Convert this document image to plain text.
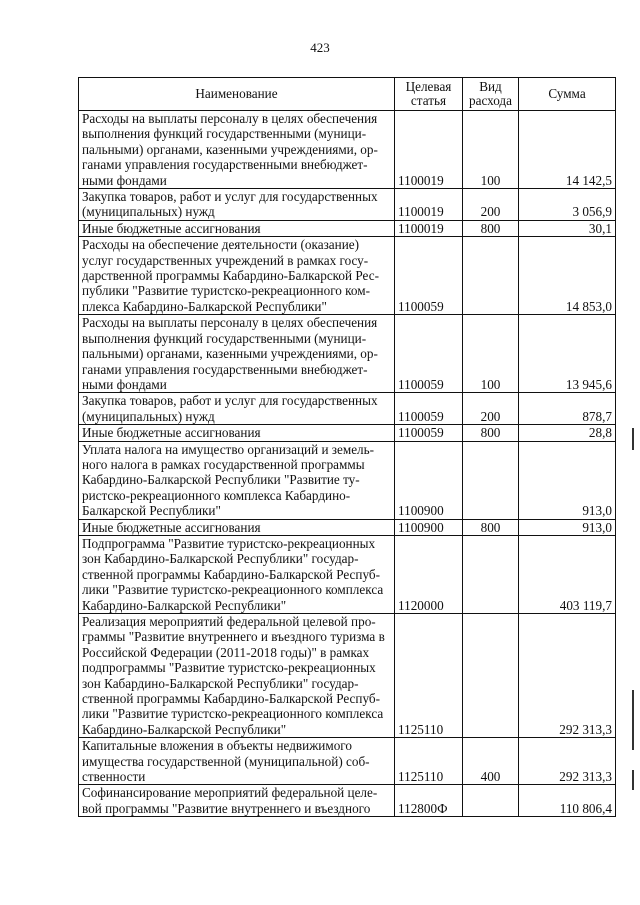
423
Наименование	Целевая статья	Вид расхода	Сумма
Расходы на выплаты персоналу в целях обеспечения выполнения функций государственными (муници-пальными) органами, казенными учреждениями, ор-ганами управления государственными внебюджет-ными фондами	1100019	100	14 142,5
Закупка товаров, работ и услуг для государственных (муниципальных) нужд	1100019	200	3 056,9
Иные бюджетные ассигнования	1100019	800	30,1
Расходы на обеспечение деятельности (оказание) услуг государственных учреждений в рамках госу-дарственной программы Кабардино-Балкарской Рес-публики "Развитие туристско-рекреационного ком-плекса Кабардино-Балкарской Республики"	1100059		14 853,0
Расходы на выплаты персоналу в целях обеспечения выполнения функций государственными (муници-пальными) органами, казенными учреждениями, ор-ганами управления государственными внебюджет-ными фондами	1100059	100	13 945,6
Закупка товаров, работ и услуг для государственных (муниципальных) нужд	1100059	200	878,7
Иные бюджетные ассигнования	1100059	800	28,8
Уплата налога на имущество организаций и земель-ного налога в рамках государственной программы Кабардино-Балкарской Республики "Развитие ту-ристско-рекреационного комплекса Кабардино-Балкарской Республики"	1100900		913,0
Иные бюджетные ассигнования	1100900	800	913,0
Подпрограмма "Развитие туристско-рекреационных зон Кабардино-Балкарской Республики" государ-ственной программы Кабардино-Балкарской Респуб-лики "Развитие туристско-рекреационного комплекса Кабардино-Балкарской Республики"	1120000		403 119,7
Реализация мероприятий федеральной целевой про-граммы "Развитие внутреннего и въездного туризма в Российской Федерации (2011-2018 годы)" в рамках подпрограммы "Развитие туристско-рекреационных зон Кабардино-Балкарской Республики" государ-ственной программы Кабардино-Балкарской Респуб-лики "Развитие туристско-рекреационного комплекса Кабардино-Балкарской Республики"	1125110		292 313,3
Капитальные вложения в объекты недвижимого имущества государственной (муниципальной) соб-ственности	1125110	400	292 313,3
Софинансирование мероприятий федеральной целе-вой программы "Развитие внутреннего и въездного	112800Ф		110 806,4
